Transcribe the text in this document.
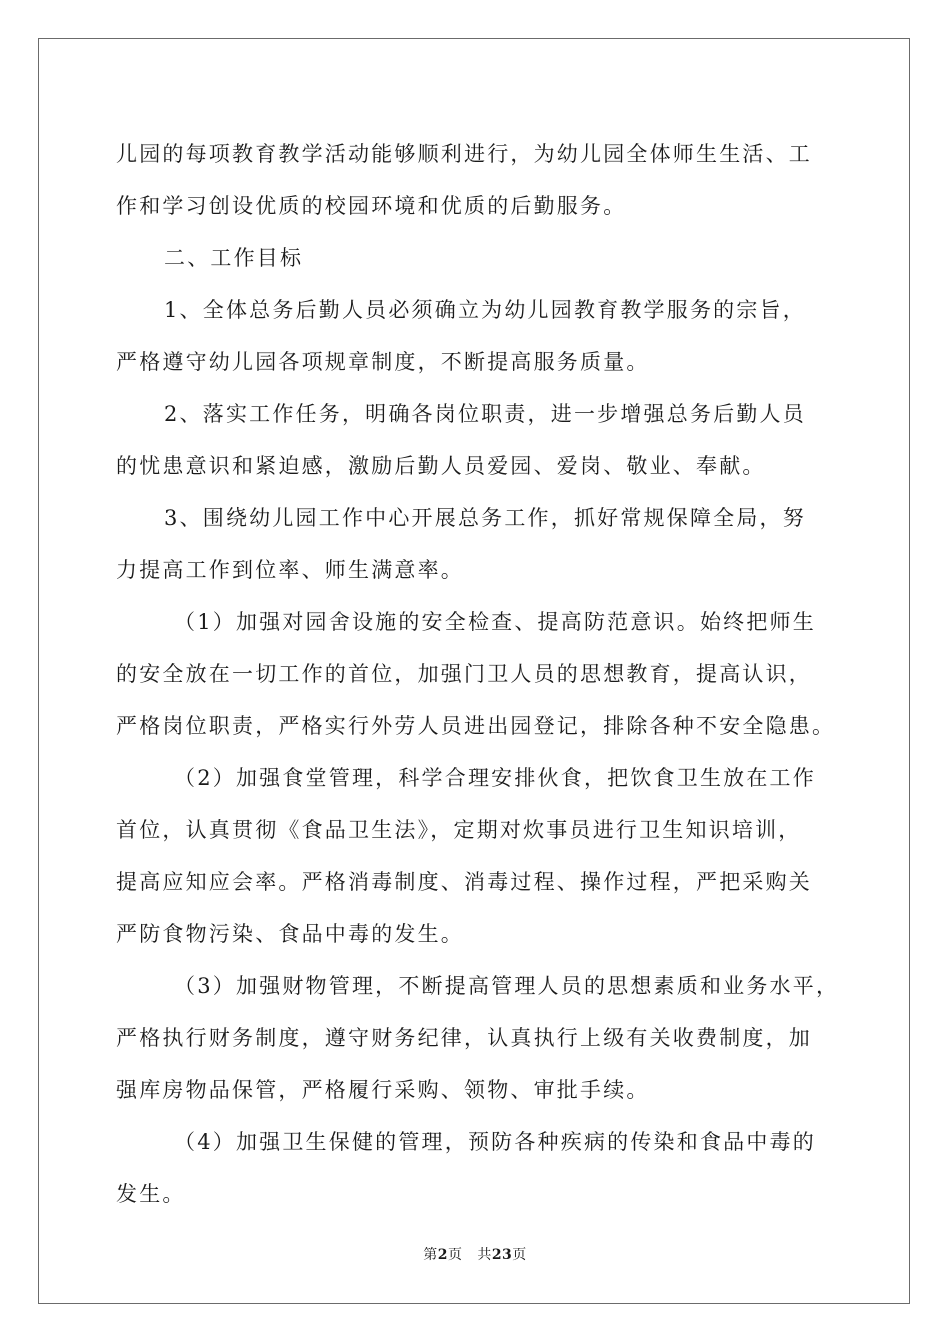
儿园的每项教育教学活动能够顺利进行，为幼儿园全体师生生活、工
作和学习创设优质的校园环境和优质的后勤服务。
二、工作目标
1、全体总务后勤人员必须确立为幼儿园教育教学服务的宗旨，
严格遵守幼儿园各项规章制度，不断提高服务质量。
2、落实工作任务，明确各岗位职责，进一步增强总务后勤人员
的忧患意识和紧迫感，激励后勤人员爱园、爱岗、敬业、奉献。
3、围绕幼儿园工作中心开展总务工作，抓好常规保障全局，努
力提高工作到位率、师生满意率。
（1）加强对园舍设施的安全检查、提高防范意识。始终把师生
的安全放在一切工作的首位，加强门卫人员的思想教育，提高认识，
严格岗位职责，严格实行外劳人员进出园登记，排除各种不安全隐患。
（2）加强食堂管理，科学合理安排伙食，把饮食卫生放在工作
首位，认真贯彻《食品卫生法》，定期对炊事员进行卫生知识培训，
提高应知应会率。严格消毒制度、消毒过程、操作过程，严把采购关
严防食物污染、食品中毒的发生。
（3）加强财物管理，不断提高管理人员的思想素质和业务水平，
严格执行财务制度，遵守财务纪律，认真执行上级有关收费制度，加
强库房物品保管，严格履行采购、领物、审批手续。
（4）加强卫生保健的管理，预防各种疾病的传染和食品中毒的
发生。
第2页 共23页
